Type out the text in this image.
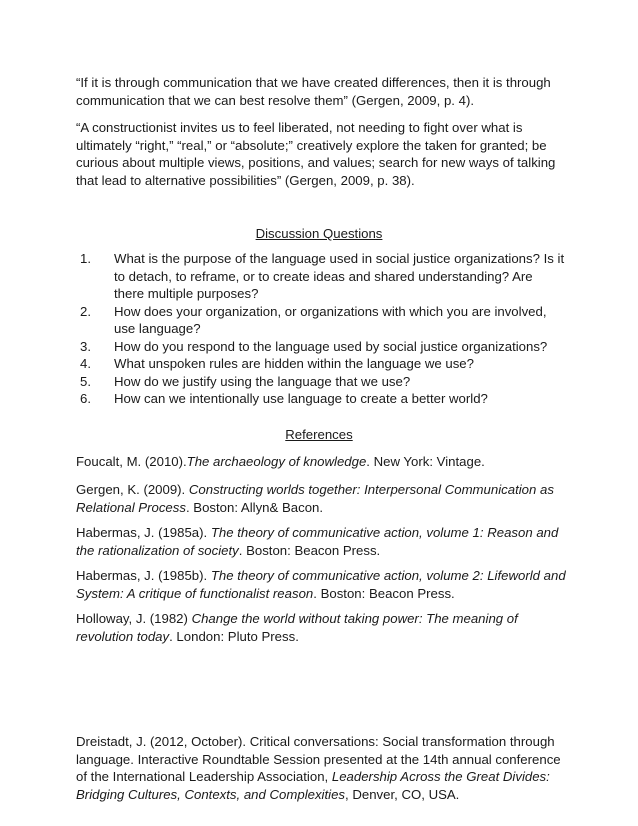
“If it is through communication that we have created differences, then it is through communication that we can best resolve them” (Gergen, 2009, p. 4).

“A constructionist invites us to feel liberated, not needing to fight over what is ultimately “right,” “real,” or “absolute;” creatively explore the taken for granted; be curious about multiple views, positions, and values; search for new ways of talking that lead to alternative possibilities” (Gergen, 2009, p. 38).

Discussion Questions
1. What is the purpose of the language used in social justice organizations? Is it to detach, to reframe, or to create ideas and shared understanding? Are there multiple purposes?
2. How does your organization, or organizations with which you are involved, use language?
3. How do you respond to the language used by social justice organizations?
4. What unspoken rules are hidden within the language we use?
5. How do we justify using the language that we use?
6. How can we intentionally use language to create a better world?
References

Foucalt, M. (2010).The archaeology of knowledge. New York: Vintage.

Gergen, K. (2009). Constructing worlds together: Interpersonal Communication as Relational Process. Boston: Allyn& Bacon.

Habermas, J. (1985a). The theory of communicative action, volume 1: Reason and the rationalization of society. Boston: Beacon Press.

Habermas, J. (1985b). The theory of communicative action, volume 2: Lifeworld and System: A critique of functionalist reason. Boston: Beacon Press.

Holloway, J. (1982) Change the world without taking power: The meaning of revolution today. London: Pluto Press.

Dreistadt, J. (2012, October). Critical conversations: Social transformation through language. Interactive Roundtable Session presented at the 14th annual conference of the International Leadership Association, Leadership Across the Great Divides: Bridging Cultures, Contexts, and Complexities, Denver, CO, USA.
